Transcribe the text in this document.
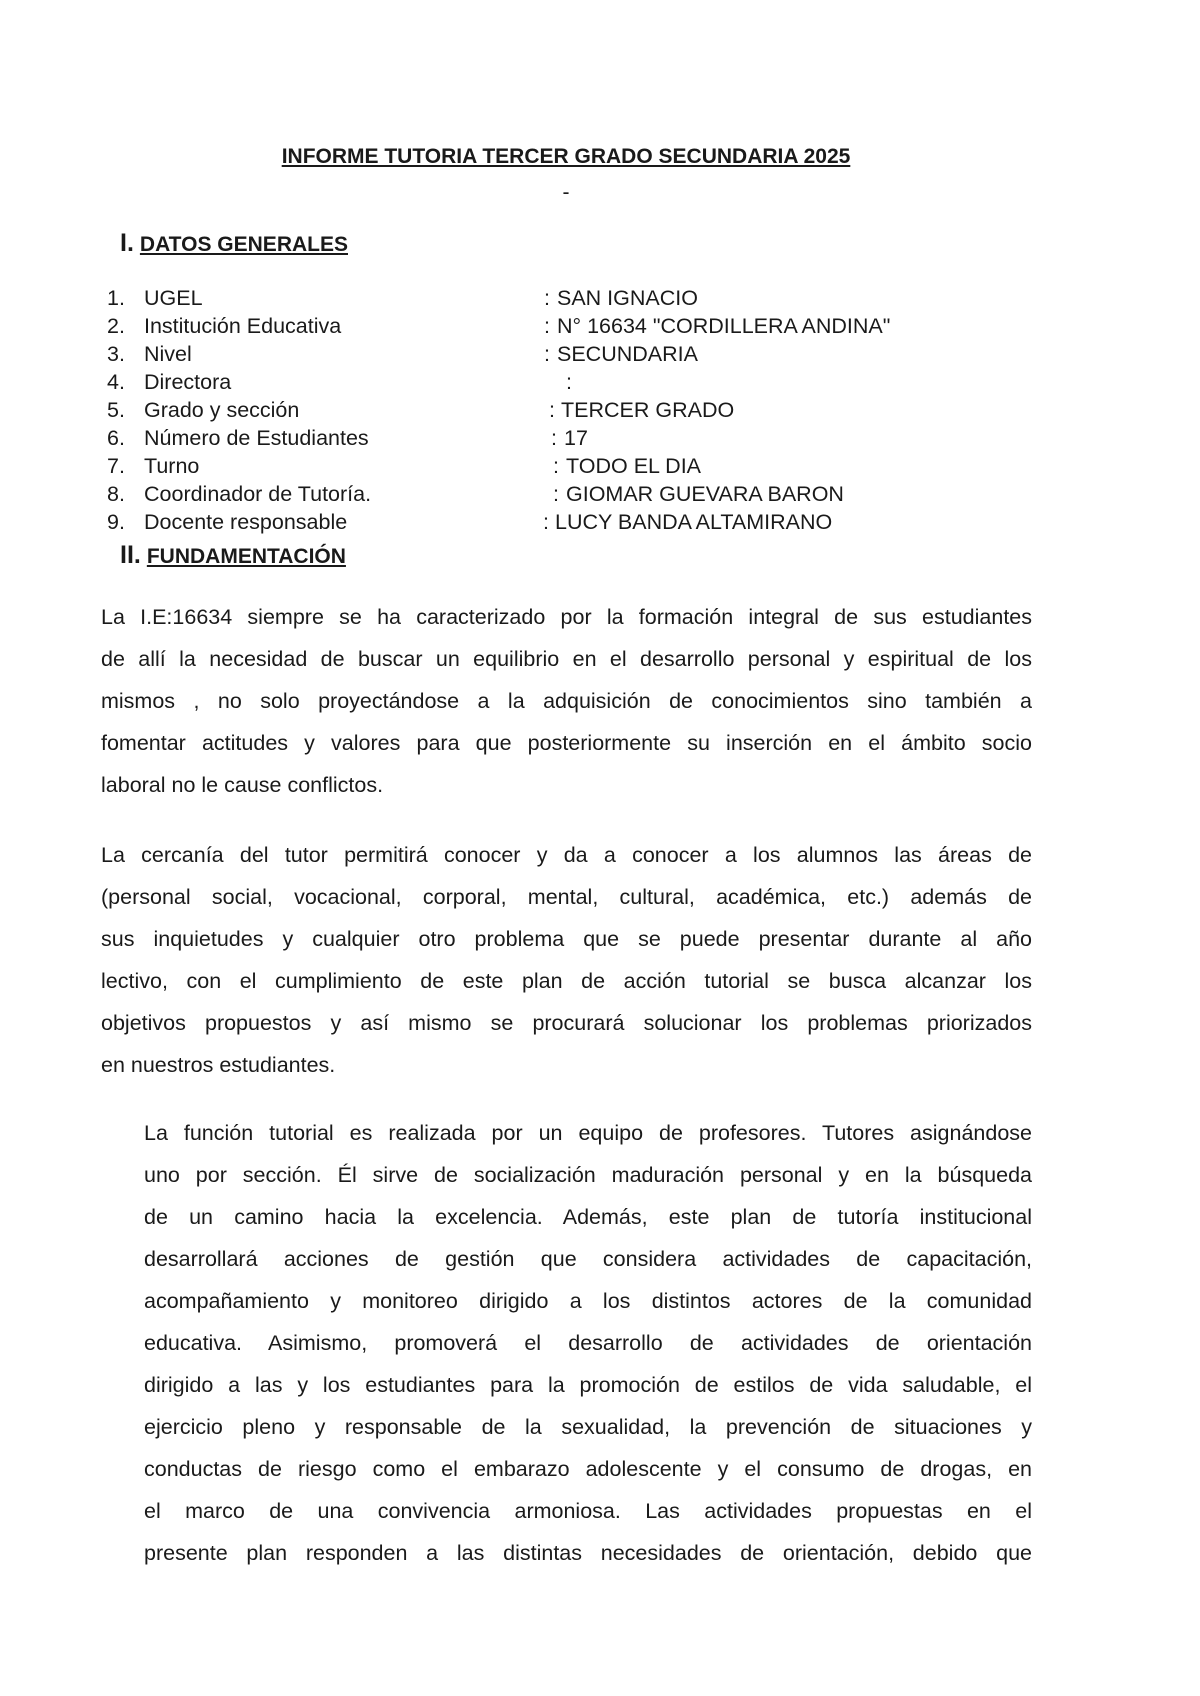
INFORME TUTORIA TERCER GRADO SECUNDARIA 2025
-
I. DATOS GENERALES
1. UGEL	: SAN IGNACIO
2. Institución Educativa	: N° 16634 "CORDILLERA ANDINA"
3. Nivel	: SECUNDARIA
4. Directora	:
5. Grado y sección	: TERCER GRADO
6. Número de Estudiantes	: 17
7. Turno	: TODO EL DIA
8. Coordinador de Tutoría.	: GIOMAR GUEVARA BARON
9. Docente responsable	: LUCY BANDA ALTAMIRANO
II. FUNDAMENTACIÓN
La I.E:16634 siempre se ha caracterizado por la formación integral de sus estudiantes
de allí la necesidad de buscar un equilibrio en el desarrollo personal y espiritual de los
mismos , no solo proyectándose a la adquisición de conocimientos sino también a
fomentar actitudes y valores para que posteriormente su inserción en el ámbito socio
laboral no le cause conflictos.
La cercanía del tutor permitirá conocer y da a conocer a los alumnos las áreas de
(personal social, vocacional, corporal, mental, cultural, académica, etc.) además de
sus inquietudes y cualquier otro problema que se puede presentar durante al año
lectivo, con el cumplimiento de este plan de acción tutorial se busca alcanzar los
objetivos propuestos y así mismo se procurará solucionar los problemas priorizados
en nuestros estudiantes.
La función tutorial es realizada por un equipo de profesores. Tutores asignándose
uno por sección. Él sirve de socialización maduración personal y en la búsqueda
de un camino hacia la excelencia. Además, este plan de tutoría institucional
desarrollará acciones de gestión que considera actividades de capacitación,
acompañamiento y monitoreo dirigido a los distintos actores de la comunidad
educativa. Asimismo, promoverá el desarrollo de actividades de orientación
dirigido a las y los estudiantes para la promoción de estilos de vida saludable, el
ejercicio pleno y responsable de la sexualidad, la prevención de situaciones y
conductas de riesgo como el embarazo adolescente y el consumo de drogas, en
el marco de una convivencia armoniosa. Las actividades propuestas en el
presente plan responden a las distintas necesidades de orientación, debido que
